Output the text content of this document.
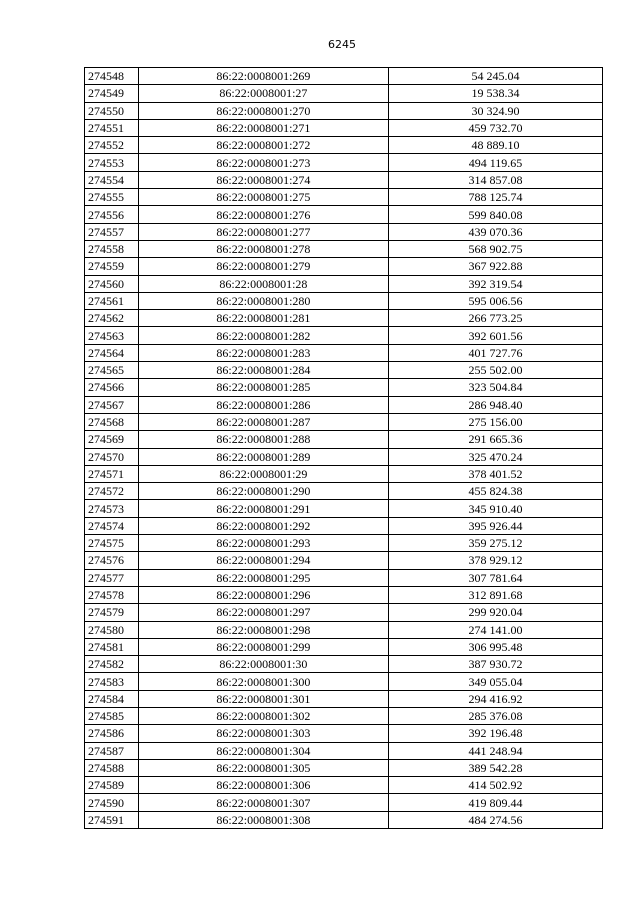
6245
274548	86:22:0008001:269	54 245.04
274549	86:22:0008001:27	19 538.34
274550	86:22:0008001:270	30 324.90
274551	86:22:0008001:271	459 732.70
274552	86:22:0008001:272	48 889.10
274553	86:22:0008001:273	494 119.65
274554	86:22:0008001:274	314 857.08
274555	86:22:0008001:275	788 125.74
274556	86:22:0008001:276	599 840.08
274557	86:22:0008001:277	439 070.36
274558	86:22:0008001:278	568 902.75
274559	86:22:0008001:279	367 922.88
274560	86:22:0008001:28	392 319.54
274561	86:22:0008001:280	595 006.56
274562	86:22:0008001:281	266 773.25
274563	86:22:0008001:282	392 601.56
274564	86:22:0008001:283	401 727.76
274565	86:22:0008001:284	255 502.00
274566	86:22:0008001:285	323 504.84
274567	86:22:0008001:286	286 948.40
274568	86:22:0008001:287	275 156.00
274569	86:22:0008001:288	291 665.36
274570	86:22:0008001:289	325 470.24
274571	86:22:0008001:29	378 401.52
274572	86:22:0008001:290	455 824.38
274573	86:22:0008001:291	345 910.40
274574	86:22:0008001:292	395 926.44
274575	86:22:0008001:293	359 275.12
274576	86:22:0008001:294	378 929.12
274577	86:22:0008001:295	307 781.64
274578	86:22:0008001:296	312 891.68
274579	86:22:0008001:297	299 920.04
274580	86:22:0008001:298	274 141.00
274581	86:22:0008001:299	306 995.48
274582	86:22:0008001:30	387 930.72
274583	86:22:0008001:300	349 055.04
274584	86:22:0008001:301	294 416.92
274585	86:22:0008001:302	285 376.08
274586	86:22:0008001:303	392 196.48
274587	86:22:0008001:304	441 248.94
274588	86:22:0008001:305	389 542.28
274589	86:22:0008001:306	414 502.92
274590	86:22:0008001:307	419 809.44
274591	86:22:0008001:308	484 274.56
